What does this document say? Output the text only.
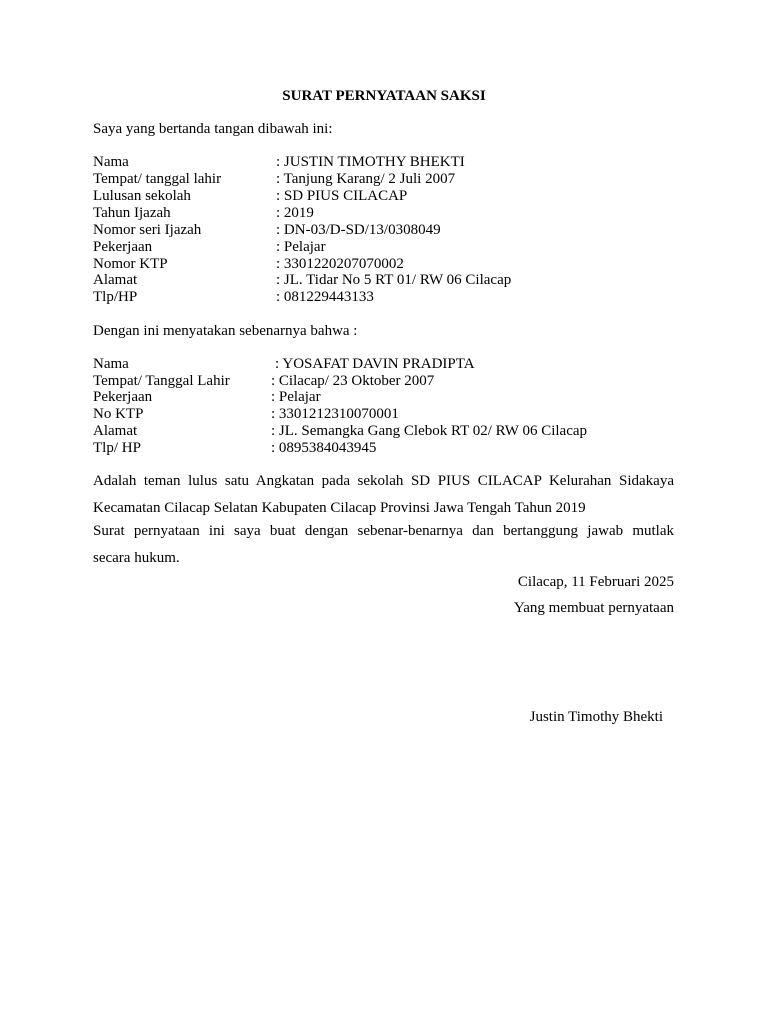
SURAT PERNYATAAN SAKSI
Saya yang bertanda tangan dibawah ini:
Nama	: JUSTIN TIMOTHY BHEKTI
Tempat/ tanggal lahir	: Tanjung Karang/ 2 Juli 2007
Lulusan sekolah	: SD PIUS CILACAP
Tahun Ijazah	: 2019
Nomor seri Ijazah	: DN-03/D-SD/13/0308049
Pekerjaan	: Pelajar
Nomor KTP	: 3301220207070002
Alamat	: JL. Tidar No 5 RT 01/ RW 06 Cilacap
Tlp/HP	: 081229443133
Dengan ini menyatakan sebenarnya bahwa :
Nama	: YOSAFAT DAVIN PRADIPTA
Tempat/ Tanggal Lahir	: Cilacap/ 23 Oktober 2007
Pekerjaan	: Pelajar
No KTP	: 3301212310070001
Alamat	: JL. Semangka Gang Clebok RT 02/ RW 06 Cilacap
Tlp/ HP	: 0895384043945
Adalah teman lulus satu Angkatan pada sekolah SD PIUS CILACAP Kelurahan Sidakaya
Kecamatan Cilacap Selatan Kabupaten Cilacap Provinsi Jawa Tengah Tahun 2019
Surat pernyataan ini saya buat dengan sebenar-benarnya dan bertanggung jawab mutlak
secara hukum.
Cilacap, 11 Februari 2025
Yang membuat pernyataan
Justin Timothy Bhekti
